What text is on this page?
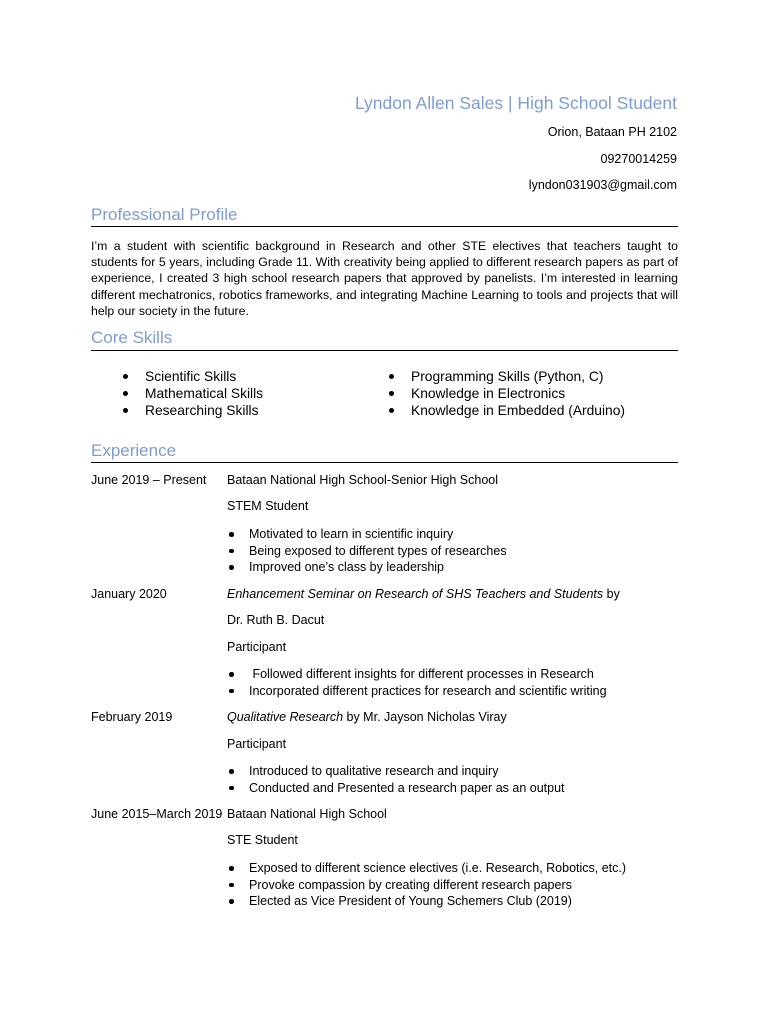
Lyndon Allen Sales | High School Student
Orion, Bataan PH 2102
09270014259
lyndon031903@gmail.com
Professional Profile
I’m a student with scientific background in Research and other STE electives that teachers taught to students for 5 years, including Grade 11. With creativity being applied to different research papers as part of experience, I created 3 high school research papers that approved by panelists. I’m interested in learning different mechatronics, robotics frameworks, and integrating Machine Learning to tools and projects that will help our society in the future.
Core Skills
Scientific Skills
Mathematical Skills
Researching Skills
Programming Skills (Python, C)
Knowledge in Electronics
Knowledge in Embedded (Arduino)
Experience
June 2019 – Present Bataan National High School-Senior High School
STEM Student
Motivated to learn in scientific inquiry
Being exposed to different types of researches
Improved one’s class by leadership
January 2020	Enhancement Seminar on Research of SHS Teachers and Students by
Dr. Ruth B. Dacut
Participant
Followed different insights for different processes in Research
Incorporated different practices for research and scientific writing
February 2019	Qualitative Research by Mr. Jayson Nicholas Viray
Participant
Introduced to qualitative research and inquiry
Conducted and Presented a research paper as an output
June 2015–March 2019 Bataan National High School
STE Student
Exposed to different science electives (i.e. Research, Robotics, etc.)
Provoke compassion by creating different research papers
Elected as Vice President of Young Schemers Club (2019)
